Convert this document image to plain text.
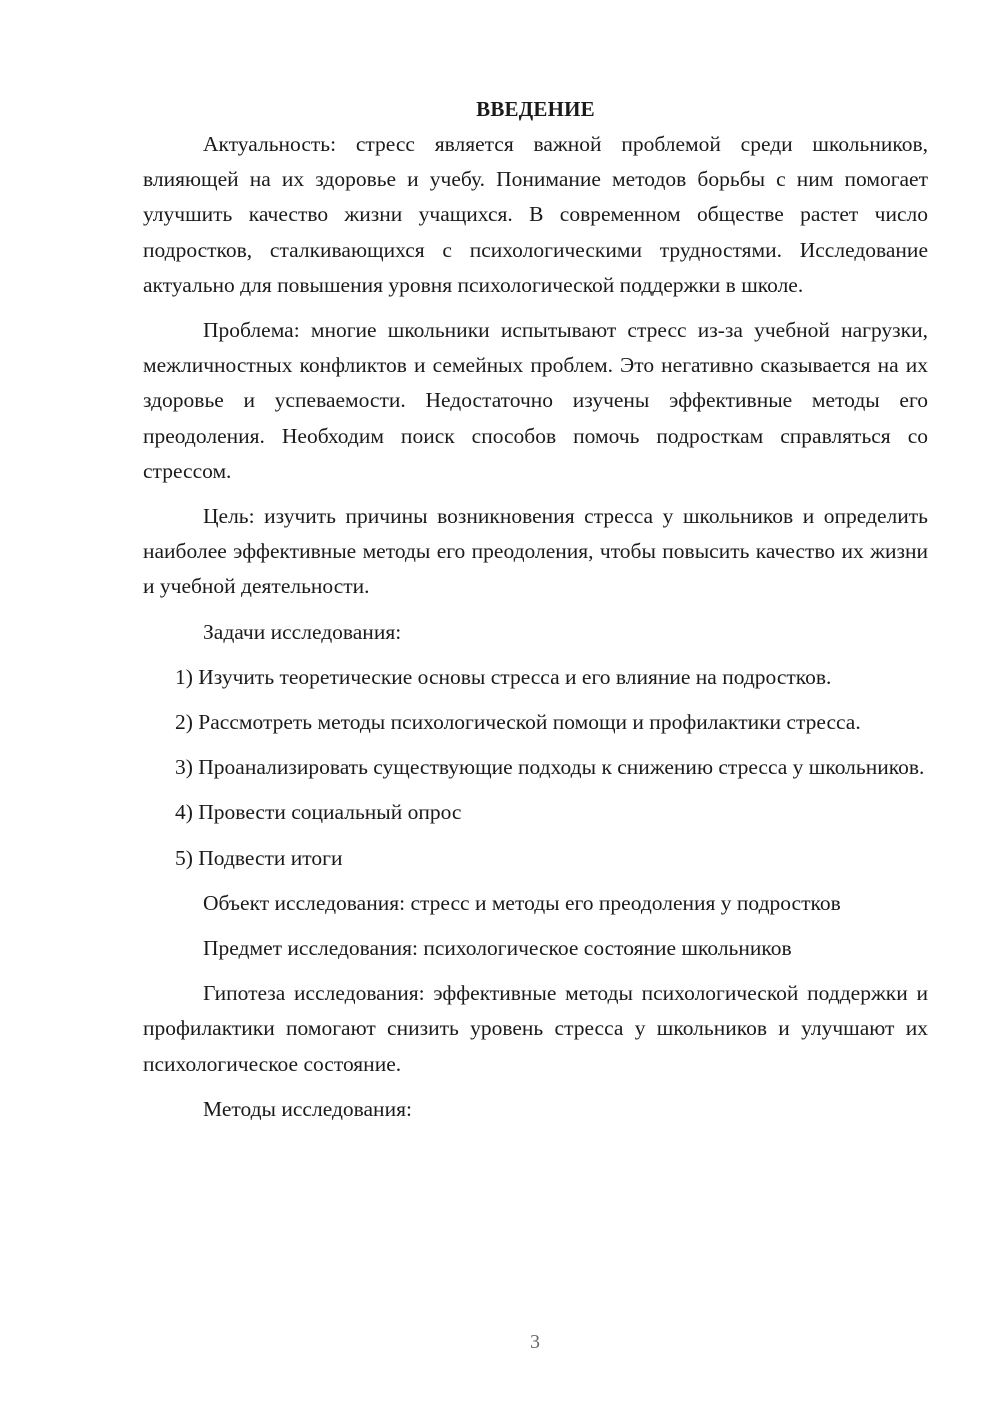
ВВЕДЕНИЕ

Актуальность: стресс является важной проблемой среди школьников, влияющей на их здоровье и учебу. Понимание методов борьбы с ним помогает улучшить качество жизни учащихся. В современном обществе растет число подростков, сталкивающихся с психологическими трудностями. Исследование актуально для повышения уровня психологической поддержки в школе.

Проблема: многие школьники испытывают стресс из-за учебной нагрузки, межличностных конфликтов и семейных проблем. Это негативно сказывается на их здоровье и успеваемости. Недостаточно изучены эффективные методы его преодоления. Необходим поиск способов помочь подросткам справляться со стрессом.

Цель: изучить причины возникновения стресса у школьников и определить наиболее эффективные методы его преодоления, чтобы повысить качество их жизни и учебной деятельности.

Задачи исследования:

1) Изучить теоретические основы стресса и его влияние на подростков.

2) Рассмотреть методы психологической помощи и профилактики стресса.

3) Проанализировать существующие подходы к снижению стресса у школьников.

4) Провести социальный опрос

5) Подвести итоги

Объект исследования: стресс и методы его преодоления у подростков

Предмет исследования: психологическое состояние школьников

Гипотеза исследования: эффективные методы психологической поддержки и профилактики помогают снизить уровень стресса у школьников и улучшают их психологическое состояние.

Методы исследования:

3
